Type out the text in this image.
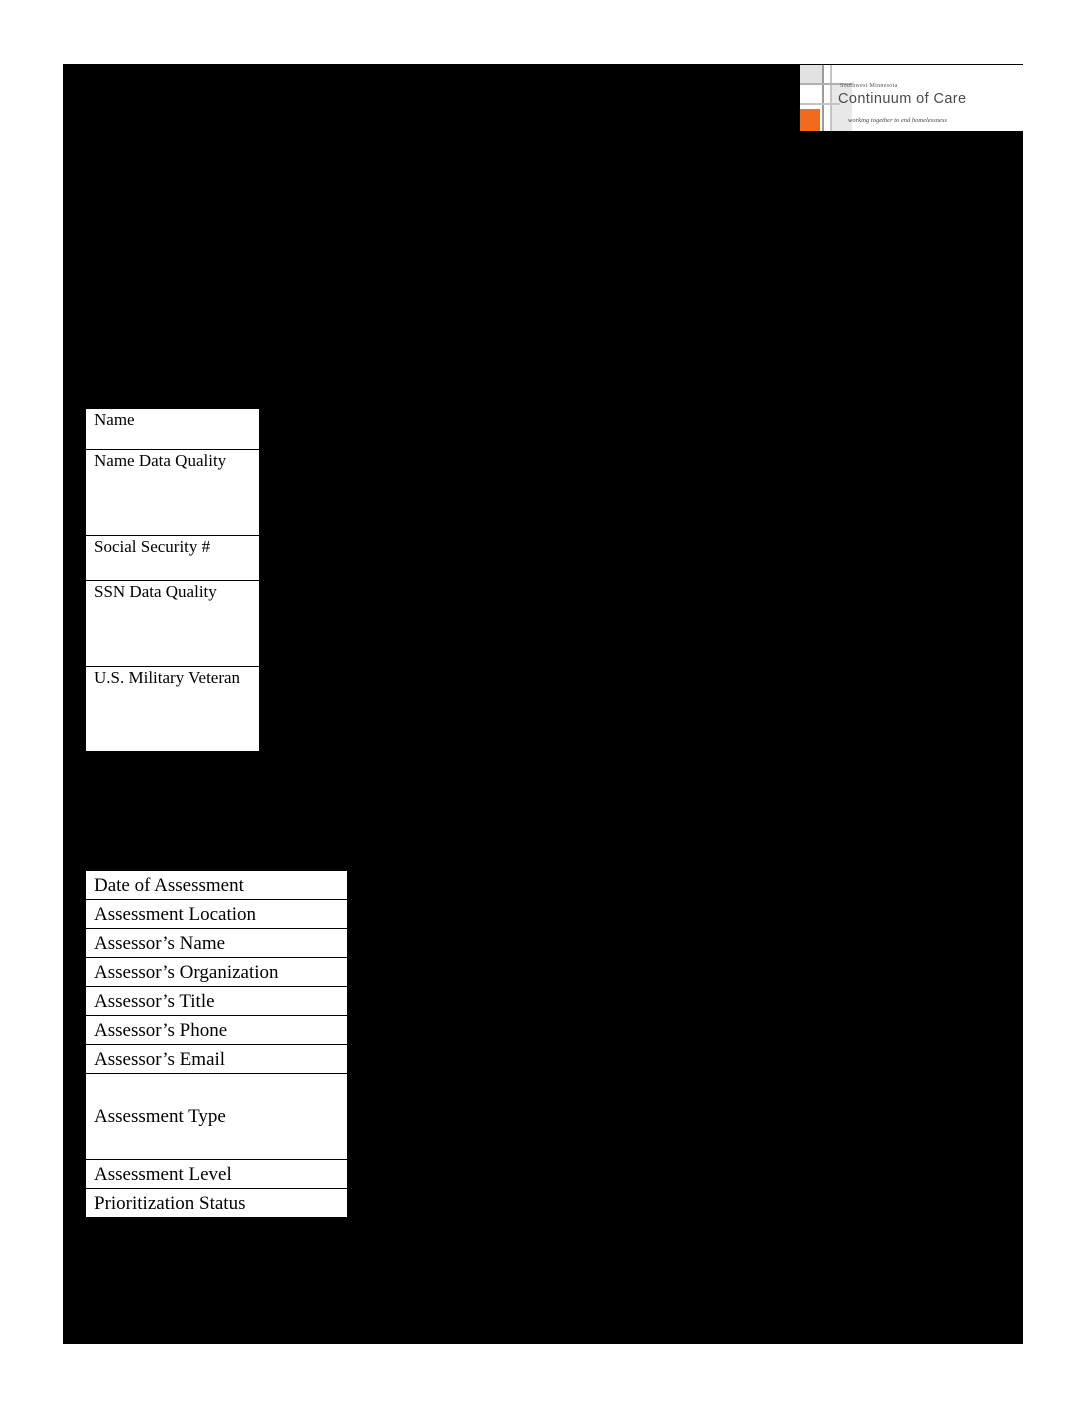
Southwest Minnesota
Continuum of Care
working together to end homelessness
Name
Name Data Quality
Social Security #
SSN Data Quality
U.S. Military Veteran
Date of Assessment
Assessment Location
Assessor’s Name
Assessor’s Organization
Assessor’s Title
Assessor’s Phone
Assessor’s Email
Assessment Type
Assessment Level
Prioritization Status
